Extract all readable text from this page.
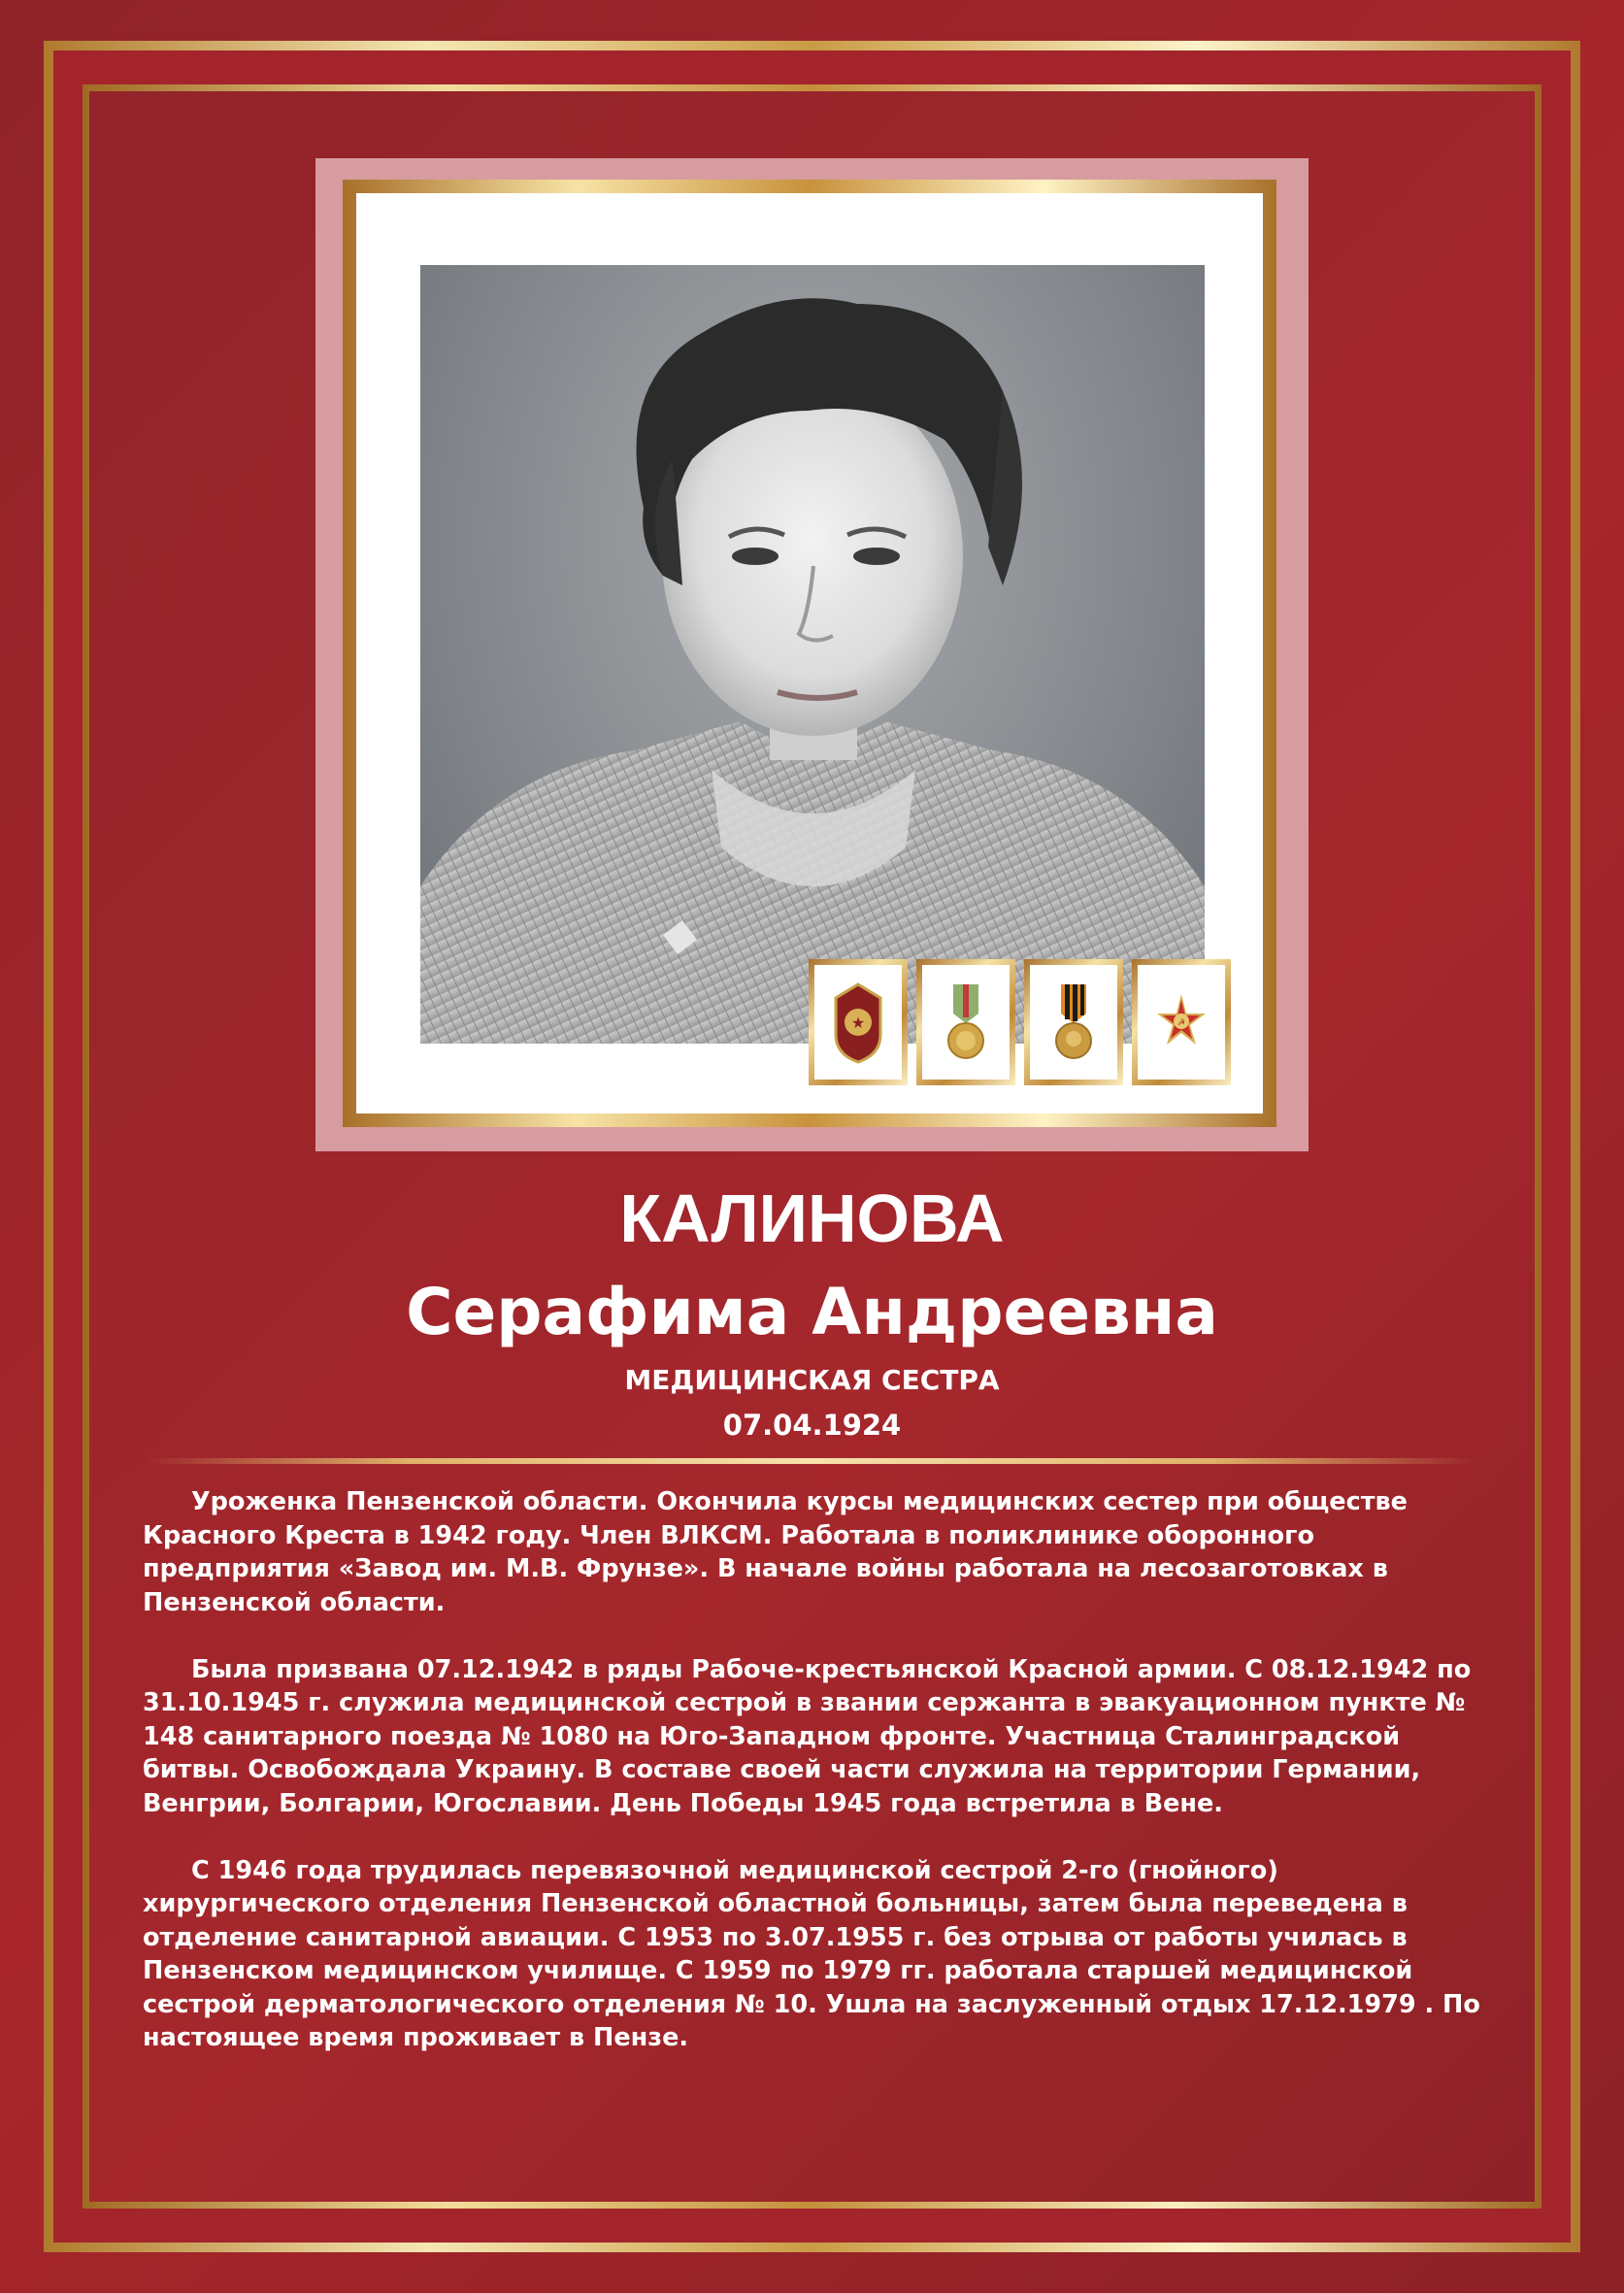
★	☭
КАЛИНОВА
Серафима Андреевна
МЕДИЦИНСКАЯ СЕСТРА
07.04.1924

Уроженка Пензенской области. Окончила курсы медицинских сестер при обществе Красного Креста в 1942 году. Член ВЛКСМ. Работала в поликлинике оборонного предприятия «Завод им. М.В. Фрунзе». В начале войны работала на лесозаготовках в Пензенской области.

Была призвана 07.12.1942 в ряды Рабоче-крестьянской Красной армии. С 08.12.1942 по 31.10.1945 г. служила медицинской сестрой в звании сержанта в эвакуационном пункте № 148 санитарного поезда № 1080 на Юго-Западном фронте. Участница Сталинградской битвы. Освобождала Украину. В составе своей части служила на территории Германии, Венгрии, Болгарии, Югославии. День Победы 1945 года встретила в Вене.

С 1946 года трудилась перевязочной медицинской сестрой 2-го (гнойного) хирургического отделения Пензенской областной больницы, затем была переведена в отделение санитарной авиации. С 1953 по 3.07.1955 г. без отрыва от работы училась в Пензенском медицинском училище. С 1959 по 1979 гг. работала старшей медицинской сестрой дерматологического отделения № 10. Ушла на заслуженный отдых 17.12.1979 . По настоящее время проживает в Пензе.
